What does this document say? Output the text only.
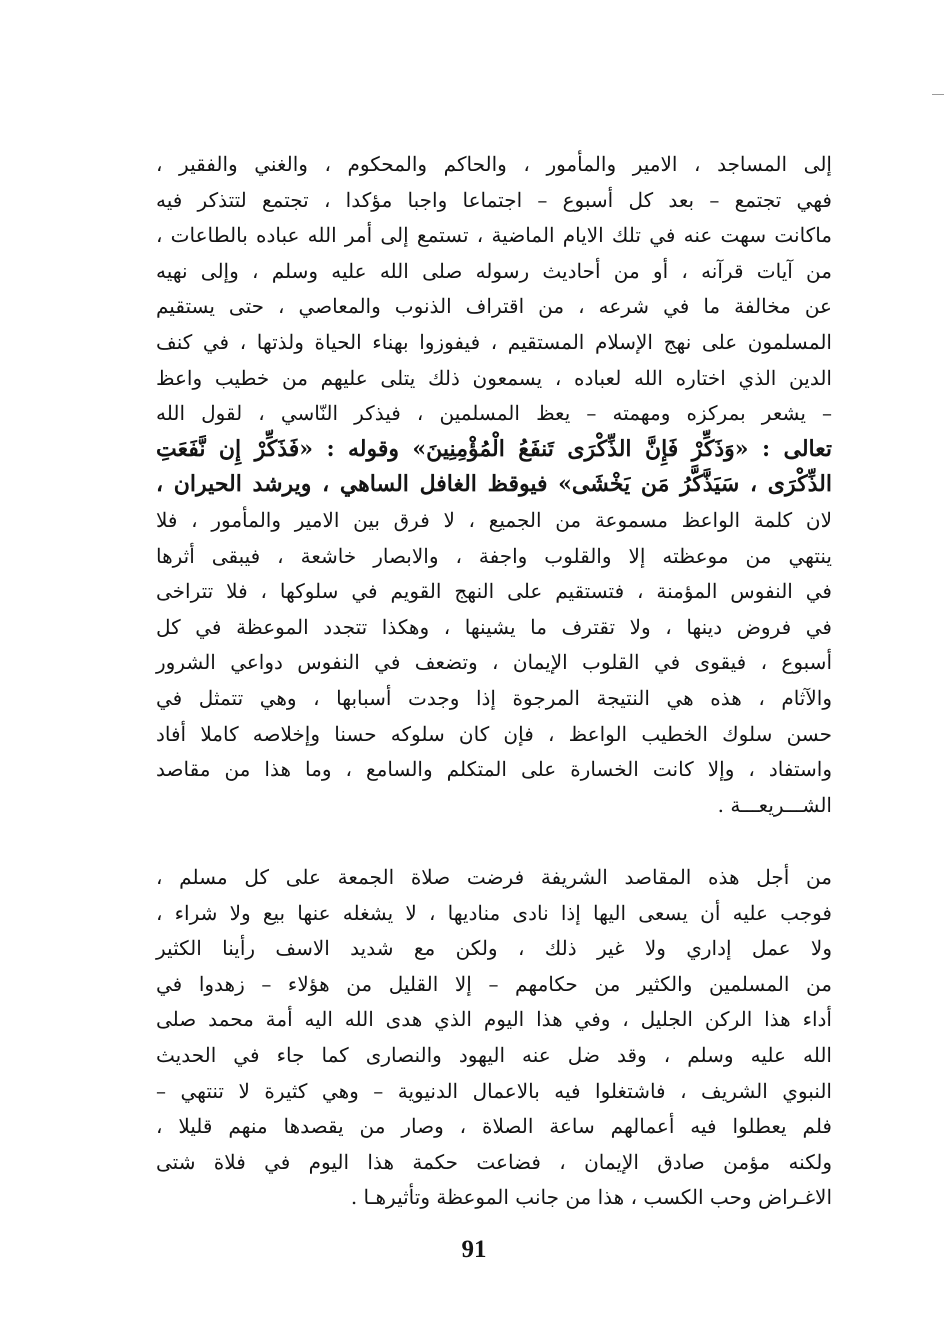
إلى المساجد ، الامير والمأمور ، والحاكم والمحكوم ، والغني والفقير ،
فهي تجتمع – بعد كل أسبوع – اجتماعا واجبا مؤكدا ، تجتمع لتتذكر فيه
ماكانت سهت عنه في تلك الايام الماضية ، تستمع إلى أمر الله عباده بالطاعات ،
من آيات قرآنه ، أو من أحاديث رسوله صلى الله عليه وسلم ، وإلى نهيه
عن مخالفة ما في شرعه ، من اقتراف الذنوب والمعاصي ، حتى يستقيم
المسلمون على نهج الإسلام المستقيم ، فيفوزوا بهناء الحياة ولذتها ، في كنف
الدين الذي اختاره الله لعباده ، يسمعون ذلك يتلى عليهم من خطيب واعظ
– يشعر بمركزه ومهمته – يعظ المسلمين ، فيذكر النّاسي ، لقول الله
تعالى : «وَذَكِّرْ فَإِنَّ الذِّكْرَى تَنفَعُ الْمُؤْمِنِينَ» وقوله : «فَذَكِّرْ إِن نَّفَعَتِ
الذِّكْرَى ، سَيَذَّكَّرُ مَن يَخْشَى» فيوقظ الغافل الساهي ، ويرشد الحيران ،
لان كلمة الواعظ مسموعة من الجميع ، لا فرق بين الامير والمأمور ، فلا
ينتهي من موعظته إلا والقلوب واجفة ، والابصار خاشعة ، فيبقى أثرها
في النفوس المؤمنة ، فتستقيم على النهج القويم في سلوكها ، فلا تتراخى
في فروض دينها ، ولا تقترف ما يشينها ، وهكذا تتجدد الموعظة في كل
أسبوع ، فيقوى في القلوب الإيمان ، وتضعف في النفوس دواعي الشرور
والآثام ، هذه هي النتيجة المرجوة إذا وجدت أسبابها ، وهي تتمثل في
حسن سلوك الخطيب الواعظ ، فإن كان سلوكه حسنا وإخلاصه كاملا أفاد
واستفاد ، وإلا كانت الخسارة على المتكلم والسامع ، وما هذا من مقاصد
الشـــريعـــة .
من أجل هذه المقاصد الشريفة فرضت صلاة الجمعة على كل مسلم ،
فوجب عليه أن يسعى اليها إذا نادى مناديها ، لا يشغله عنها بيع ولا شراء ،
ولا عمل إداري ولا غير ذلك ، ولكن مع شديد الاسف رأينا الكثير
من المسلمين والكثير من حكامهم – إلا القليل من هؤلاء – زهدوا في
أداء هذا الركن الجليل ، وفي هذا اليوم الذي هدى الله اليه أمة محمد صلى
الله عليه وسلم ، وقد ضل عنه اليهود والنصارى كما جاء في الحديث
النبوي الشريف ، فاشتغلوا فيه بالاعمال الدنيوية – وهي كثيرة لا تنتهي –
فلم يعطلوا فيه أعمالهم ساعة الصلاة ، وصار من يقصدها منهم قليلا ،
ولكنه مؤمن صادق الإيمان ، فضاعت حكمة هذا اليوم في فلاة شتى
الاغـراض وحب الكسب ، هذا من جانب الموعظة وتأثيرهـا .
91
